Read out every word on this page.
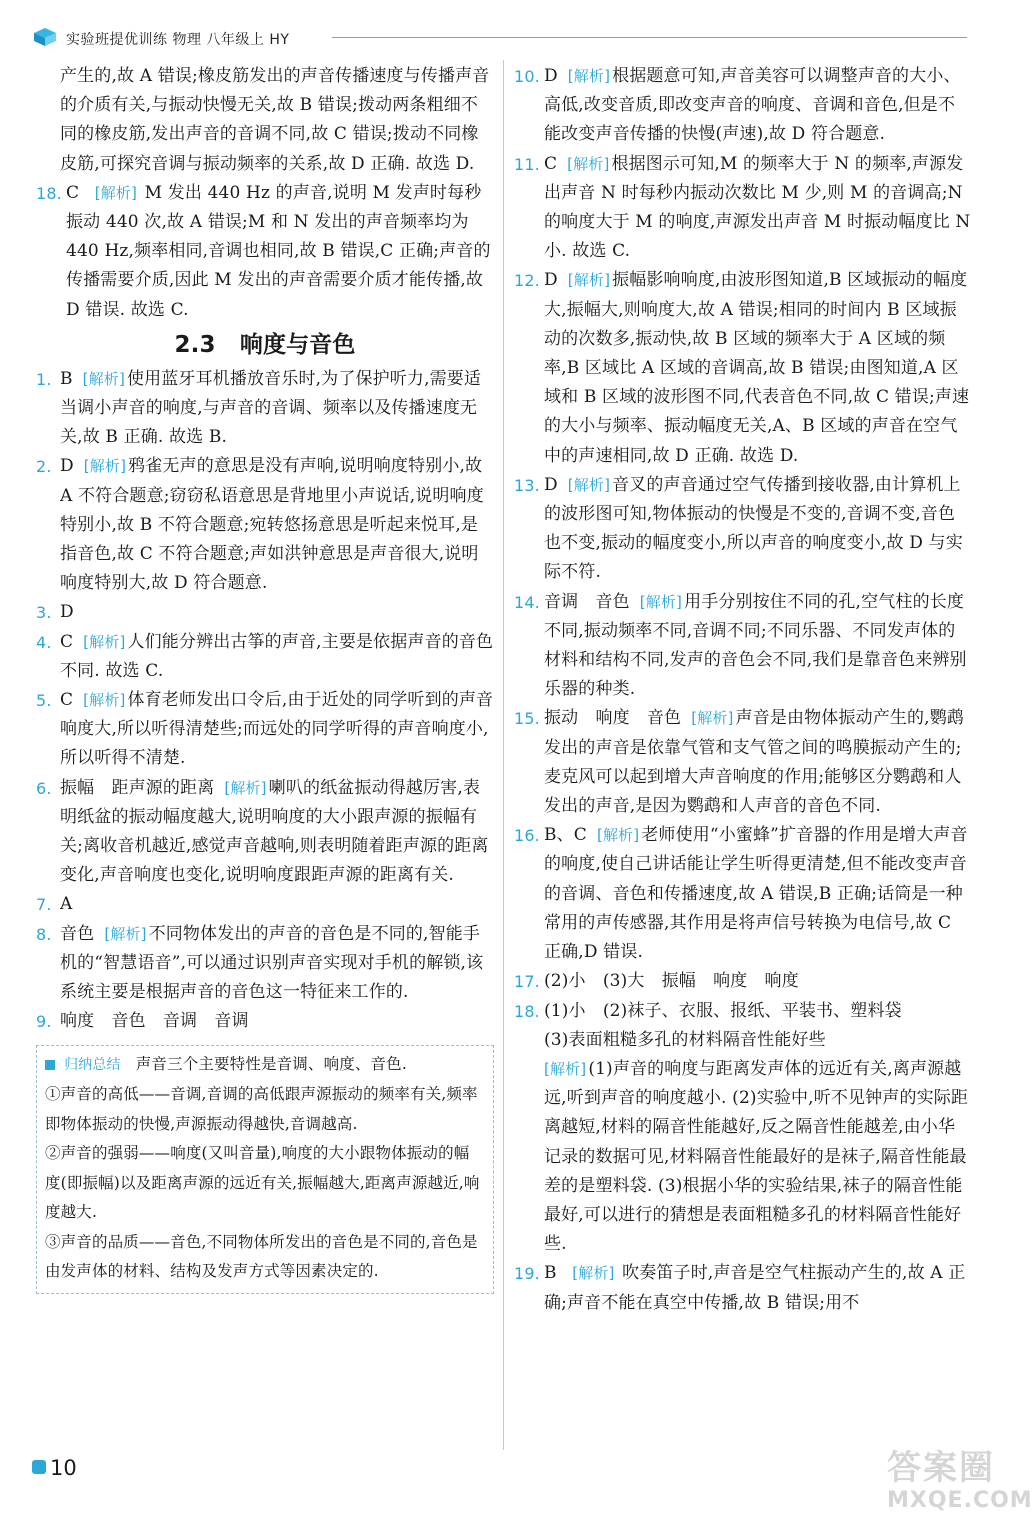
实验班提优训练 物理 八年级上 HY
产生的,故 A 错误;橡皮筋发出的声音传播速度与传播声音的介质有关,与振动快慢无关,故 B 错误;拨动两条粗细不同的橡皮筋,发出声音的音调不同,故 C 错误;拨动不同橡皮筋,可探究音调与振动频率的关系,故 D 正确. 故选 D.
18. C [解析] M 发出 440 Hz 的声音,说明 M 发声时每秒振动 440 次,故 A 错误;M 和 N 发出的声音频率均为 440 Hz,频率相同,音调也相同,故 B 错误,C 正确;声音的传播需要介质,因此 M 发出的声音需要介质才能传播,故 D 错误. 故选 C.
2.3 响度与音色
1. B [解析] 使用蓝牙耳机播放音乐时,为了保护听力,需要适当调小声音的响度,与声音的音调、频率以及传播速度无关,故 B 正确. 故选 B.
2. D [解析] 鸦雀无声的意思是没有声响,说明响度特别小,故 A 不符合题意;窃窃私语意思是背地里小声说话,说明响度特别小,故 B 不符合题意;宛转悠扬意思是听起来悦耳,是指音色,故 C 不符合题意;声如洪钟意思是声音很大,说明响度特别大,故 D 符合题意.
3. D
4. C [解析] 人们能分辨出古筝的声音,主要是依据声音的音色不同. 故选 C.
5. C [解析] 体育老师发出口令后,由于近处的同学听到的声音响度大,所以听得清楚些;而远处的同学听得的声音响度小,所以听得不清楚.
6. 振幅　距声源的距离 [解析] 喇叭的纸盆振动得越厉害,表明纸盆的振动幅度越大,说明响度的大小跟声源的振幅有关;离收音机越近,感觉声音越响,则表明随着距声源的距离变化,声音响度也变化,说明响度跟距声源的距离有关.
7. A
8. 音色 [解析] 不同物体发出的声音的音色是不同的,智能手机的“智慧语音”,可以通过识别声音实现对手机的解锁,该系统主要是根据声音的音色这一特征来工作的.
9. 响度　音色　音调　音调
归纳总结 声音三个主要特性是音调、响度、音色.
①声音的高低——音调,音调的高低跟声源振动的频率有关,频率即物体振动的快慢,声源振动得越快,音调越高.
②声音的强弱——响度(又叫音量),响度的大小跟物体振动的幅度(即振幅)以及距离声源的远近有关,振幅越大,距离声源越近,响度越大.
③声音的品质——音色,不同物体所发出的音色是不同的,音色是由发声体的材料、结构及发声方式等因素决定的.
10. D [解析] 根据题意可知,声音美容可以调整声音的大小、高低,改变音质,即改变声音的响度、音调和音色,但是不能改变声音传播的快慢(声速),故 D 符合题意.
11. C [解析] 根据图示可知,M 的频率大于 N 的频率,声源发出声音 N 时每秒内振动次数比 M 少,则 M 的音调高;N 的响度大于 M 的响度,声源发出声音 M 时振动幅度比 N 小. 故选 C.
12. D [解析] 振幅影响响度,由波形图知道,B 区域振动的幅度大,振幅大,则响度大,故 A 错误;相同的时间内 B 区域振动的次数多,振动快,故 B 区域的频率大于 A 区域的频率,B 区域比 A 区域的音调高,故 B 错误;由图知道,A 区域和 B 区域的波形图不同,代表音色不同,故 C 错误;声速的大小与频率、振动幅度无关,A、B 区域的声音在空气中的声速相同,故 D 正确. 故选 D.
13. D [解析] 音叉的声音通过空气传播到接收器,由计算机上的波形图可知,物体振动的快慢是不变的,音调不变,音色也不变,振动的幅度变小,所以声音的响度变小,故 D 与实际不符.
14. 音调　音色 [解析] 用手分别按住不同的孔,空气柱的长度不同,振动频率不同,音调不同;不同乐器、不同发声体的材料和结构不同,发声的音色会不同,我们是靠音色来辨别乐器的种类.
15. 振动　响度　音色 [解析] 声音是由物体振动产生的,鹦鹉发出的声音是依靠气管和支气管之间的鸣膜振动产生的;麦克风可以起到增大声音响度的作用;能够区分鹦鹉和人发出的声音,是因为鹦鹉和人声音的音色不同.
16. B、C [解析] 老师使用“小蜜蜂”扩音器的作用是增大声音的响度,使自己讲话能让学生听得更清楚,但不能改变声音的音调、音色和传播速度,故 A 错误,B 正确;话筒是一种常用的声传感器,其作用是将声信号转换为电信号,故 C 正确,D 错误.
17. (2)小　(3)大　振幅　响度　响度
18. (1)小　(2)袜子、衣服、报纸、平装书、塑料袋
(3)表面粗糙多孔的材料隔音性能好些
[解析] (1)声音的响度与距离发声体的远近有关,离声源越远,听到声音的响度越小. (2)实验中,听不见钟声的实际距离越短,材料的隔音性能越好,反之隔音性能越差,由小华记录的数据可见,材料隔音性能最好的是袜子,隔音性能最差的是塑料袋. (3)根据小华的实验结果,袜子的隔音性能最好,可以进行的猜想是表面粗糙多孔的材料隔音性能好些.
19. B [解析] 吹奏笛子时,声音是空气柱振动产生的,故 A 正确;声音不能在真空中传播,故 B 错误;用不
10	答案圈
MXQE.COM
